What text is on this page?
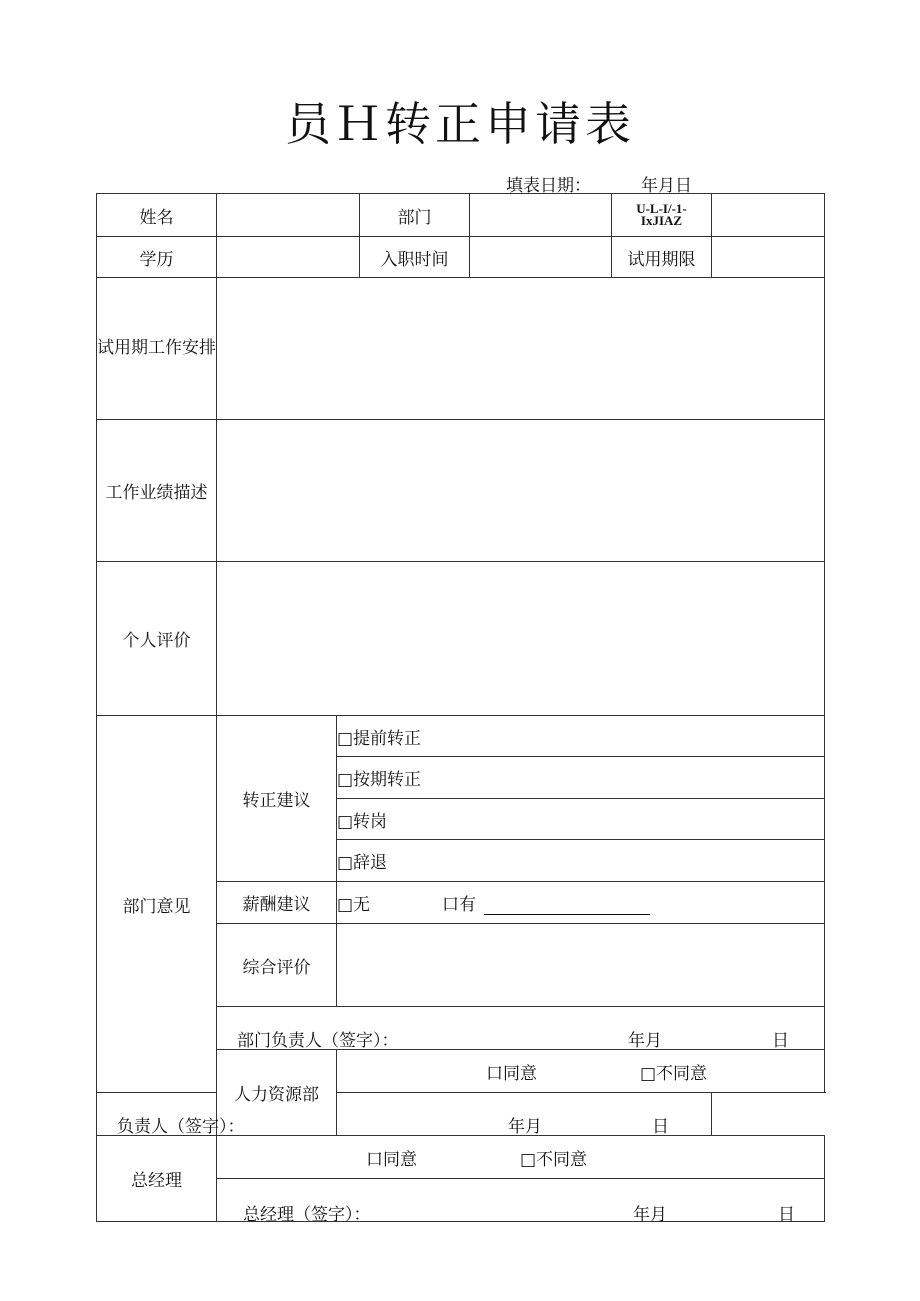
员Ｈ转正申请表
填表日期：	年月日
姓名			部门		U-L-I/-1-
IxJIAZ	

学历			入职时间		试用期限	
试用期工作安排						
工作业绩描述						
个人评价						
部门意见	转正建议	□提前转正				
		□按期转正				
		□转岗				
		□辞退				
	薪酬建议	□无 口有				
	综合评价					

	部门负责人（签字）： 年月 日					

	人力资源部	口同意 □不同意				

负责人（签字）： 年月 日						

总经理	口同意 □不同意					

	总经理（签字）： 年月 日					
